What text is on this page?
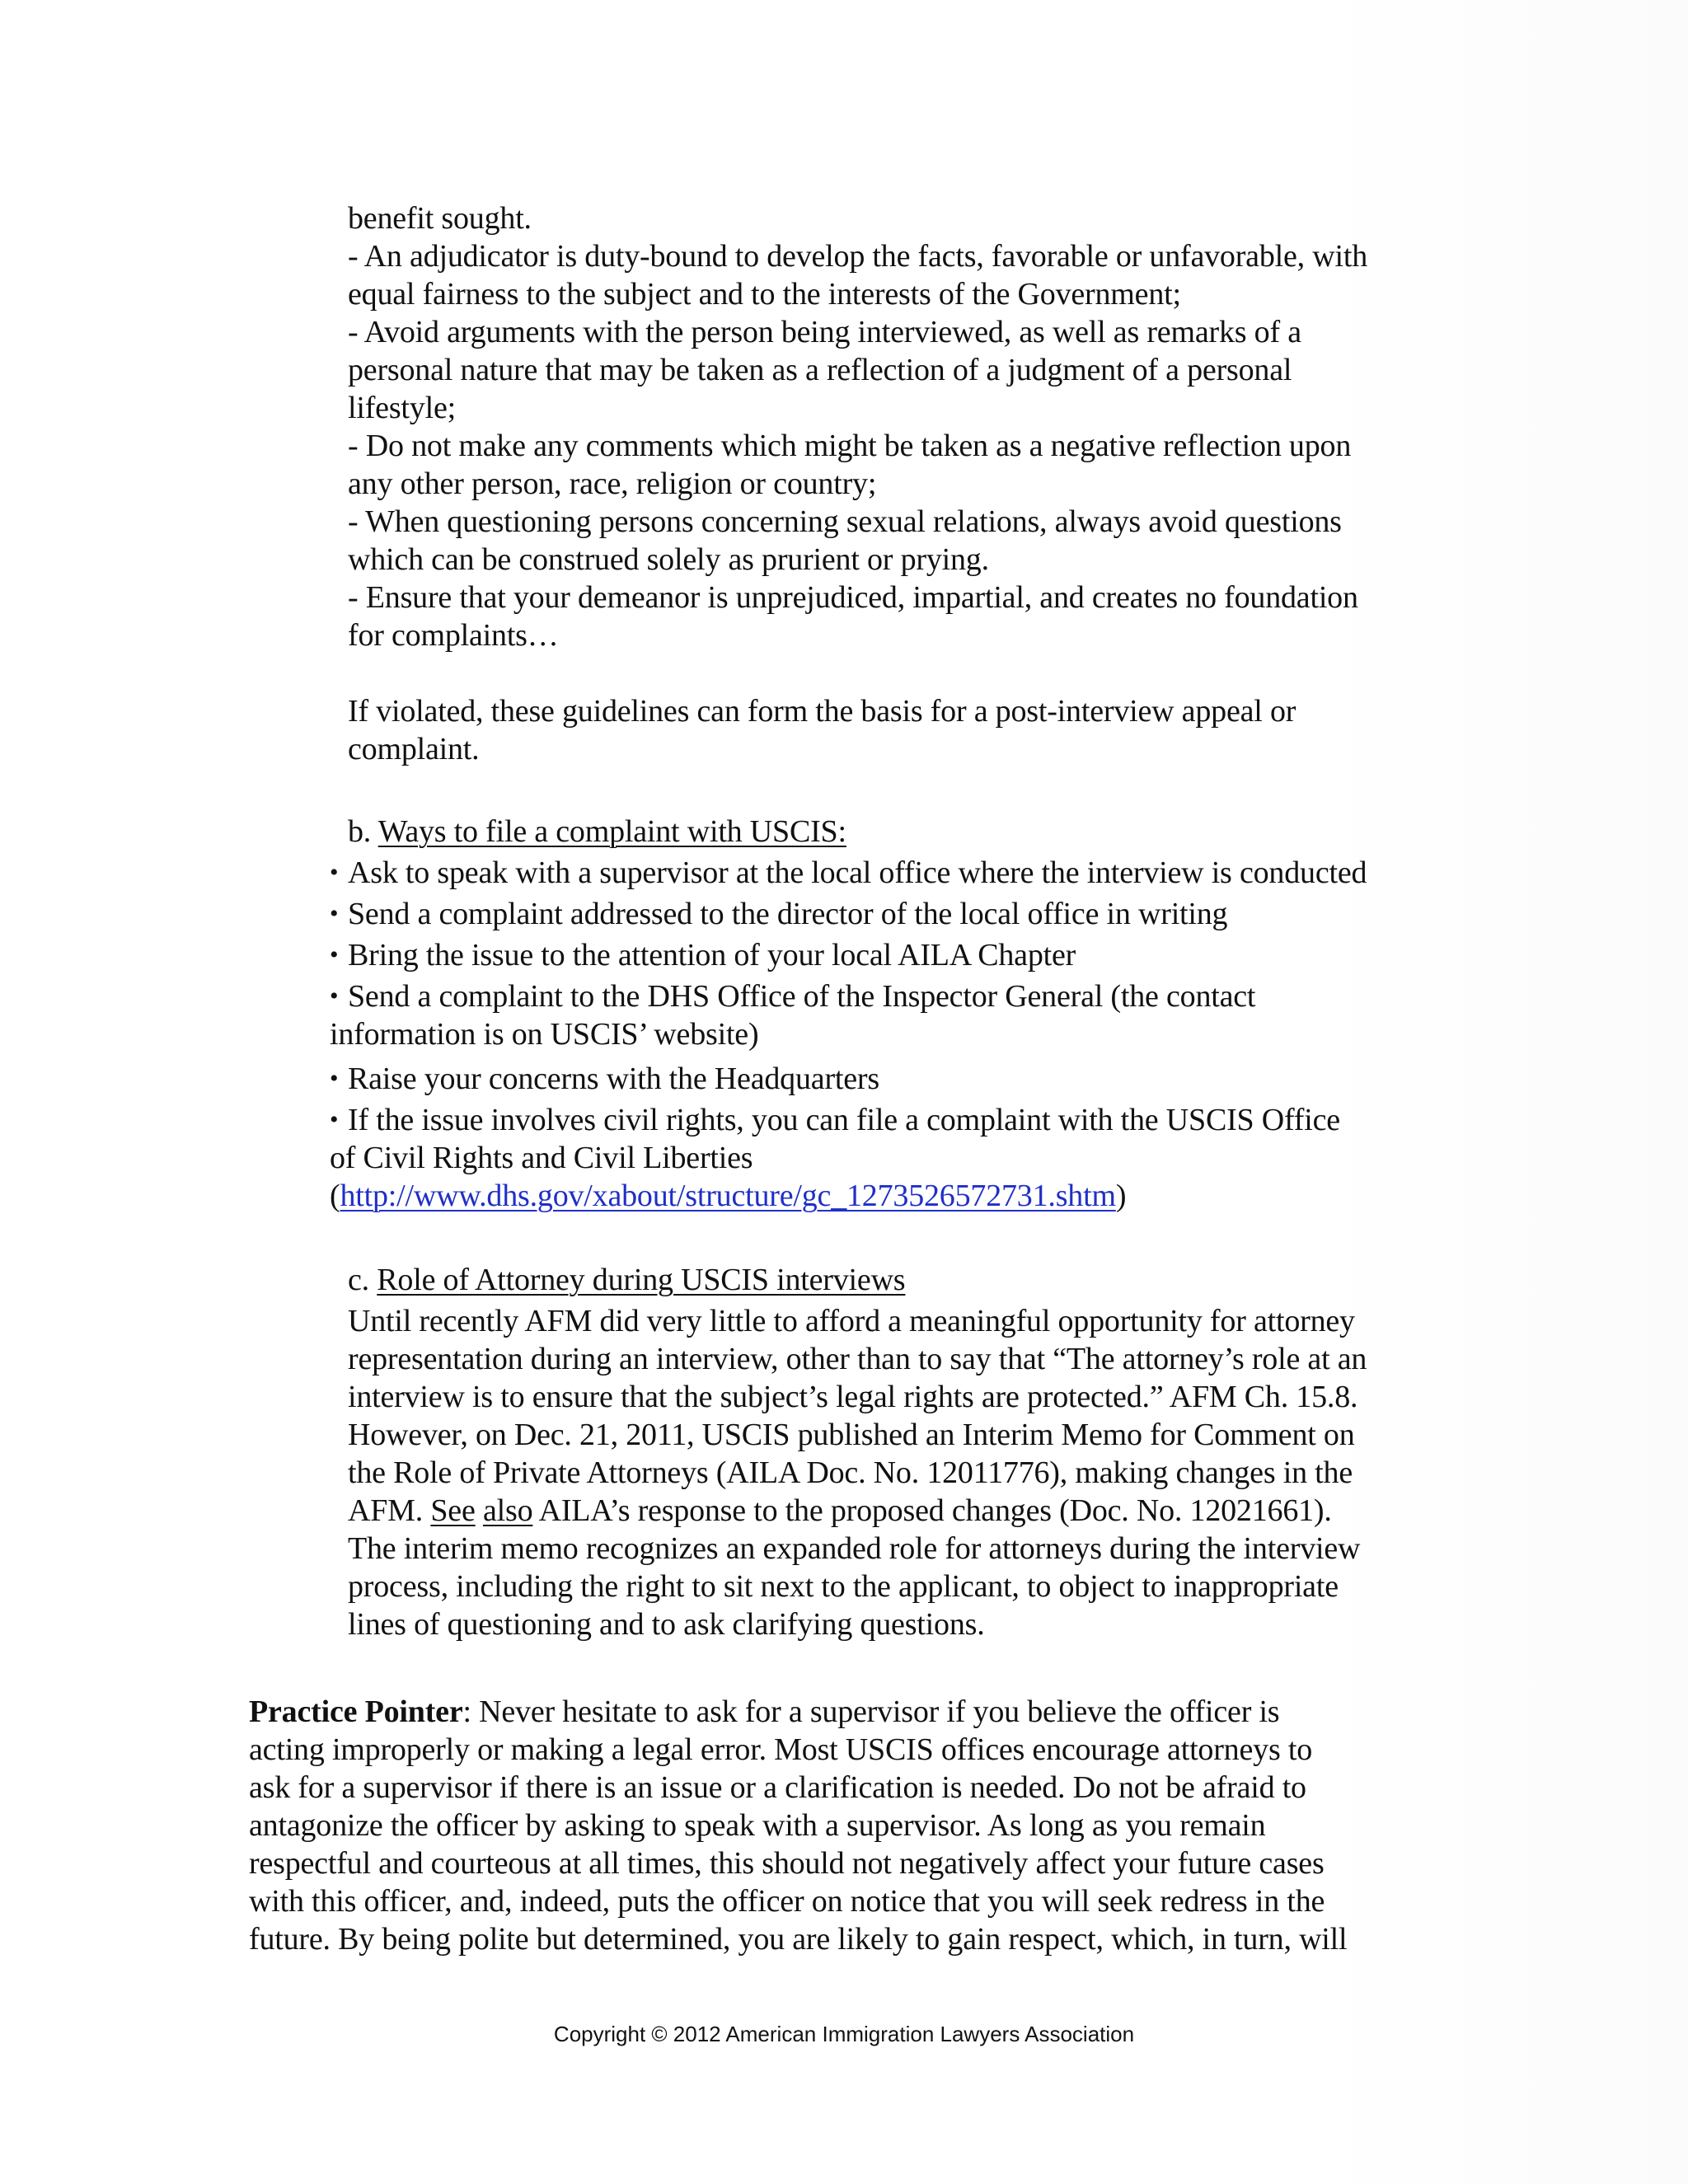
benefit sought.
- An adjudicator is duty-bound to develop the facts, favorable or unfavorable, with
equal fairness to the subject and to the interests of the Government;
- Avoid arguments with the person being interviewed, as well as remarks of a
personal nature that may be taken as a reflection of a judgment of a personal
lifestyle;
- Do not make any comments which might be taken as a negative reflection upon
any other person, race, religion or country;
- When questioning persons concerning sexual relations, always avoid questions
which can be construed solely as prurient or prying.
- Ensure that your demeanor is unprejudiced, impartial, and creates no foundation
for complaints…
If violated, these guidelines can form the basis for a post-interview appeal or
complaint.
b. Ways to file a complaint with USCIS:
• Ask to speak with a supervisor at the local office where the interview is conducted
• Send a complaint addressed to the director of the local office in writing
• Bring the issue to the attention of your local AILA Chapter
• Send a complaint to the DHS Office of the Inspector General (the contact
information is on USCIS’ website)
• Raise your concerns with the Headquarters
• If the issue involves civil rights, you can file a complaint with the USCIS Office
of Civil Rights and Civil Liberties
(http://www.dhs.gov/xabout/structure/gc_1273526572731.shtm)
c. Role of Attorney during USCIS interviews
Until recently AFM did very little to afford a meaningful opportunity for attorney
representation during an interview, other than to say that “The attorney’s role at an
interview is to ensure that the subject’s legal rights are protected.” AFM Ch. 15.8.
However, on Dec. 21, 2011, USCIS published an Interim Memo for Comment on
the Role of Private Attorneys (AILA Doc. No. 12011776), making changes in the
AFM. See also AILA’s response to the proposed changes (Doc. No. 12021661).
The interim memo recognizes an expanded role for attorneys during the interview
process, including the right to sit next to the applicant, to object to inappropriate
lines of questioning and to ask clarifying questions.
Practice Pointer: Never hesitate to ask for a supervisor if you believe the officer is
acting improperly or making a legal error. Most USCIS offices encourage attorneys to
ask for a supervisor if there is an issue or a clarification is needed. Do not be afraid to
antagonize the officer by asking to speak with a supervisor. As long as you remain
respectful and courteous at all times, this should not negatively affect your future cases
with this officer, and, indeed, puts the officer on notice that you will seek redress in the
future. By being polite but determined, you are likely to gain respect, which, in turn, will
Copyright © 2012 American Immigration Lawyers Association
